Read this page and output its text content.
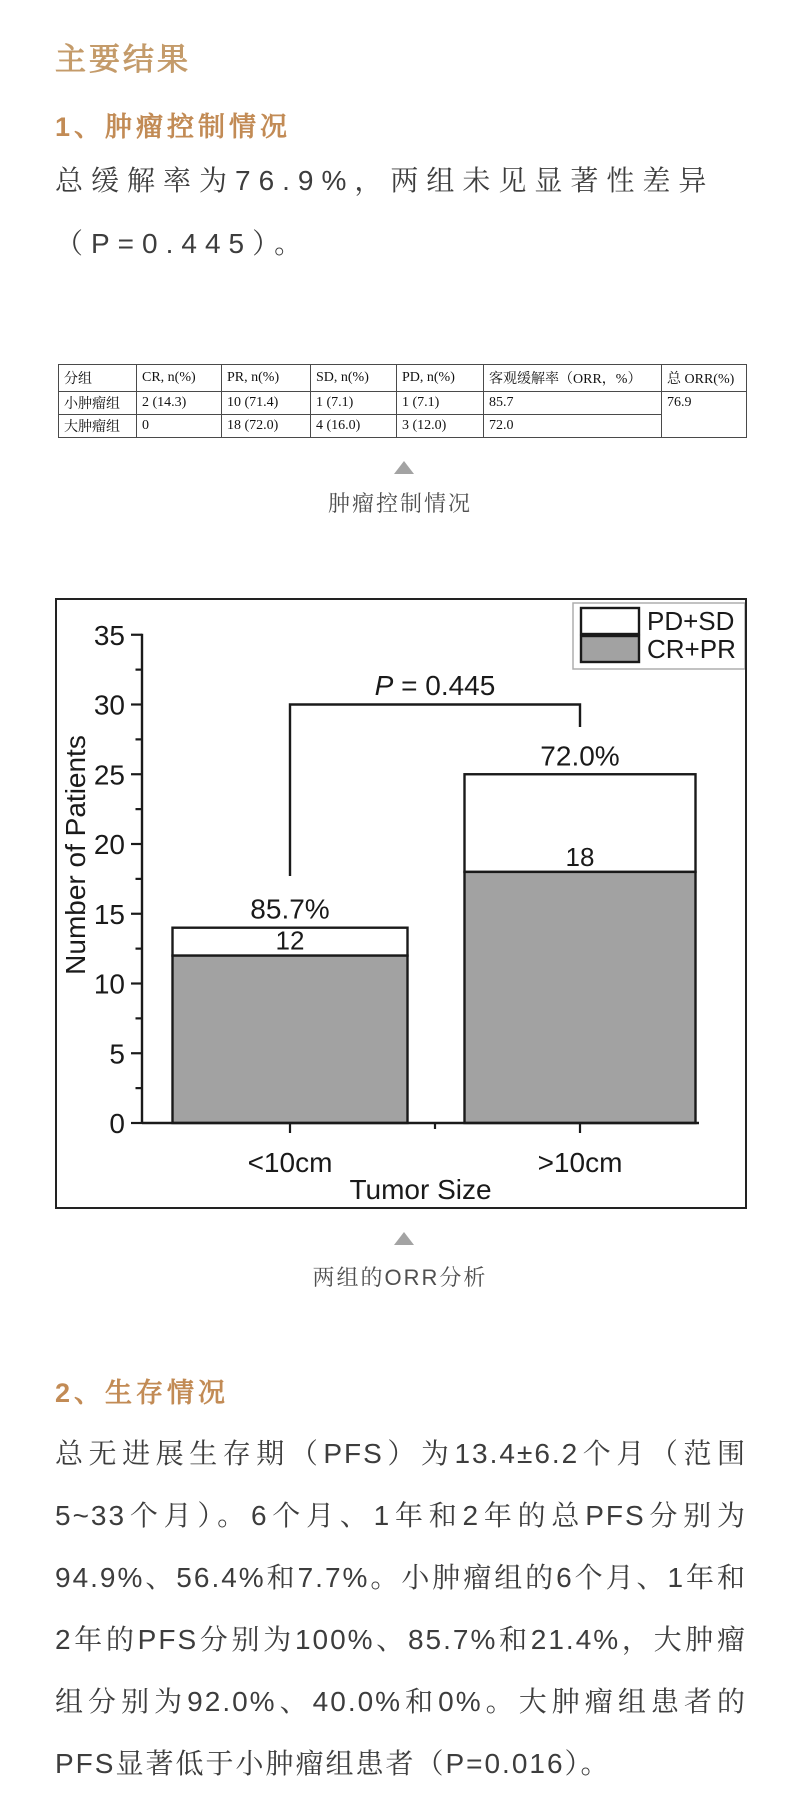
主要结果
1、肿瘤控制情况

总缓解率为76.9%，两组未见显著性差异（P=0.445）。

分组	CR, n(%)	PR, n(%)	SD, n(%)	PD, n(%)	客观缓解率（ORR，%）	总 ORR(%)
小肿瘤组	2 (14.3)	10 (71.4)	1 (7.1)	1 (7.1)	85.7	76.9
大肿瘤组	0	18 (72.0)	4 (16.0)	3 (12.0)	72.0	
肿瘤控制情况
85.7%
12
<10cm
72.0%
18
>10cm
0
5
10
15
20
25
30
35
Tumor Size
Number of Patients
P = 0.445
PD+SD
CR+PR
两组的ORR分析
2、生存情况

总无进展生存期（PFS）为13.4±6.2个月（范围5~33个月）。6个月、1年和2年的总PFS分别为94.9%、56.4%和7.7%。小肿瘤组的6个月、1年和2年的PFS分别为100%、85.7%和21.4%，大肿瘤组分别为92.0%、40.0%和0%。大肿瘤组患者的PFS显著低于小肿瘤组患者（P=0.016）。
